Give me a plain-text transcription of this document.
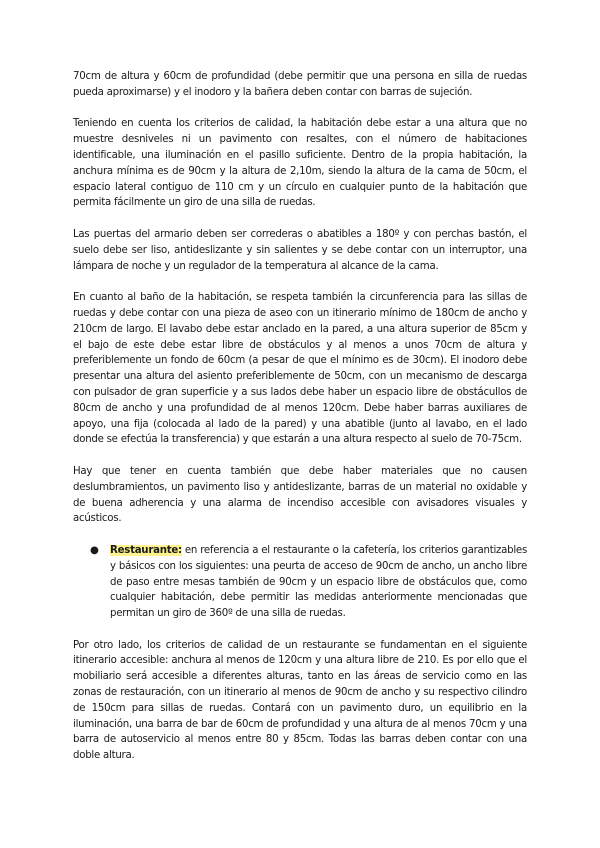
70cm de altura y 60cm de profundidad (debe permitir que una persona en silla de ruedas pueda aproximarse) y el inodoro y la bañera deben contar con barras de sujeción.

Teniendo en cuenta los criterios de calidad, la habitación debe estar a una altura que no muestre desniveles ni un pavimento con resaltes, con el número de habitaciones identificable, una iluminación en el pasillo suficiente. Dentro de la propia habitación, la anchura mínima es de 90cm y la altura de 2,10m, siendo la altura de la cama de 50cm, el espacio lateral contiguo de 110 cm y un círculo en cualquier punto de la habitación que permita fácilmente un giro de una silla de ruedas.

Las puertas del armario deben ser correderas o abatibles a 180º y con perchas bastón, el suelo debe ser liso, antideslizante y sin salientes y se debe contar con un interruptor, una lámpara de noche y un regulador de la temperatura al alcance de la cama.

En cuanto al baño de la habitación, se respeta también la circunferencia para las sillas de ruedas y debe contar con una pieza de aseo con un itinerario mínimo de 180cm de ancho y 210cm de largo. El lavabo debe estar anclado en la pared, a una altura superior de 85cm y el bajo de este debe estar libre de obstáculos y al menos a unos 70cm de altura y preferiblemente un fondo de 60cm (a pesar de que el mínimo es de 30cm). El inodoro debe presentar una altura del asiento preferiblemente de 50cm, con un mecanismo de descarga con pulsador de gran superficie y a sus lados debe haber un espacio libre de obstácullos de 80cm de ancho y una profundidad de al menos 120cm. Debe haber barras auxiliares de apoyo, una fija (colocada al lado de la pared) y una abatible (junto al lavabo, en el lado donde se efectúa la transferencia) y que estarán a una altura respecto al suelo de 70-75cm.

Hay que tener en cuenta también que debe haber materiales que no causen deslumbramientos, un pavimento liso y antideslizante, barras de un material no oxidable y de buena adherencia y una alarma de incendiso accesible con avisadores visuales y acústicos.

● Restaurante: en referencia a el restaurante o la cafetería, los criterios garantizables y básicos con los siguientes: una peurta de acceso de 90cm de ancho, un ancho libre de paso entre mesas también de 90cm y un espacio libre de obstáculos que, como cualquier habitación, debe permitir las medidas anteriormente mencionadas que permitan un giro de 360º de una silla de ruedas.

Por otro lado, los criterios de calidad de un restaurante se fundamentan en el siguiente itinerario accesible: anchura al menos de 120cm y una altura libre de 210. Es por ello que el mobiliario será accesible a diferentes alturas, tanto en las áreas de servicio como en las zonas de restauración, con un itinerario al menos de 90cm de ancho y su respectivo cilindro de 150cm para sillas de ruedas. Contará con un pavimento duro, un equilibrio en la iluminación, una barra de bar de 60cm de profundidad y una altura de al menos 70cm y una barra de autoservicio al menos entre 80 y 85cm. Todas las barras deben contar con una doble altura.
